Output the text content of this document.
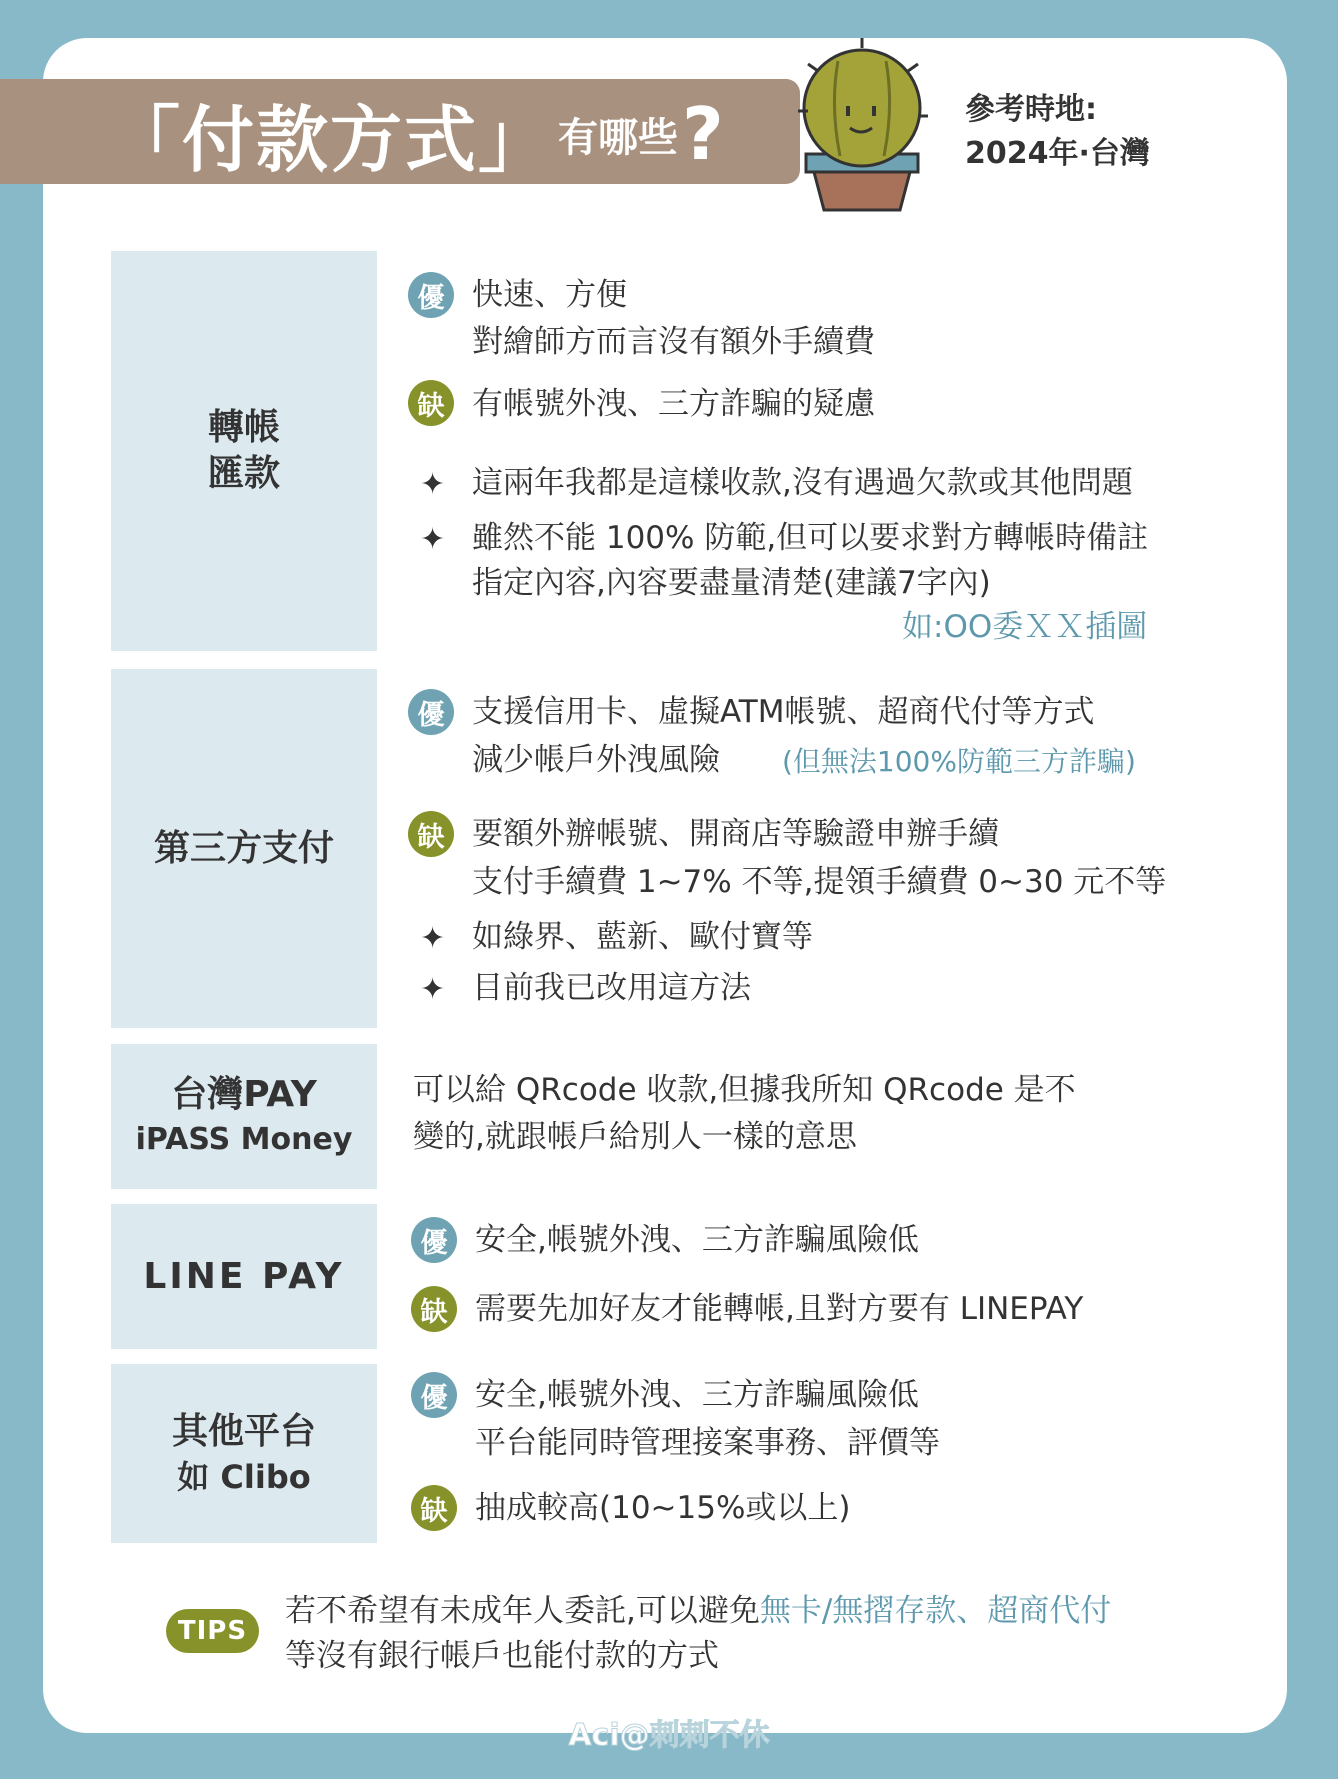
「付款方式」 有哪些 ?	參考時地:
2024年·台灣
轉帳
匯款
優 快速、方便
對繪師方而言沒有額外手續費
缺 有帳號外洩、三方詐騙的疑慮
✦ 這兩年我都是這樣收款,沒有遇過欠款或其他問題
✦ 雖然不能 100% 防範,但可以要求對方轉帳時備註
指定內容,內容要盡量清楚(建議7字內)
如:OO委ＸＸ插圖
第三方支付
優 支援信用卡、虛擬ATM帳號、超商代付等方式
減少帳戶外洩風險 (但無法100%防範三方詐騙)
缺 要額外辦帳號、開商店等驗證申辦手續
支付手續費 1~7% 不等,提領手續費 0~30 元不等
✦ 如綠界、藍新、歐付寶等
✦ 目前我已改用這方法
台灣PAY
iPASS Money
可以給 QRcode 收款,但據我所知 QRcode 是不
變的,就跟帳戶給別人一樣的意思
LINE PAY
優 安全,帳號外洩、三方詐騙風險低
缺 需要先加好友才能轉帳,且對方要有 LINEPAY
其他平台
如 Clibo
優 安全,帳號外洩、三方詐騙風險低
平台能同時管理接案事務、評價等
缺 抽成較高(10~15%或以上)
TIPS
若不希望有未成年人委託,可以避免無卡/無摺存款、超商代付
等沒有銀行帳戶也能付款的方式
Aci@刺刺不休
